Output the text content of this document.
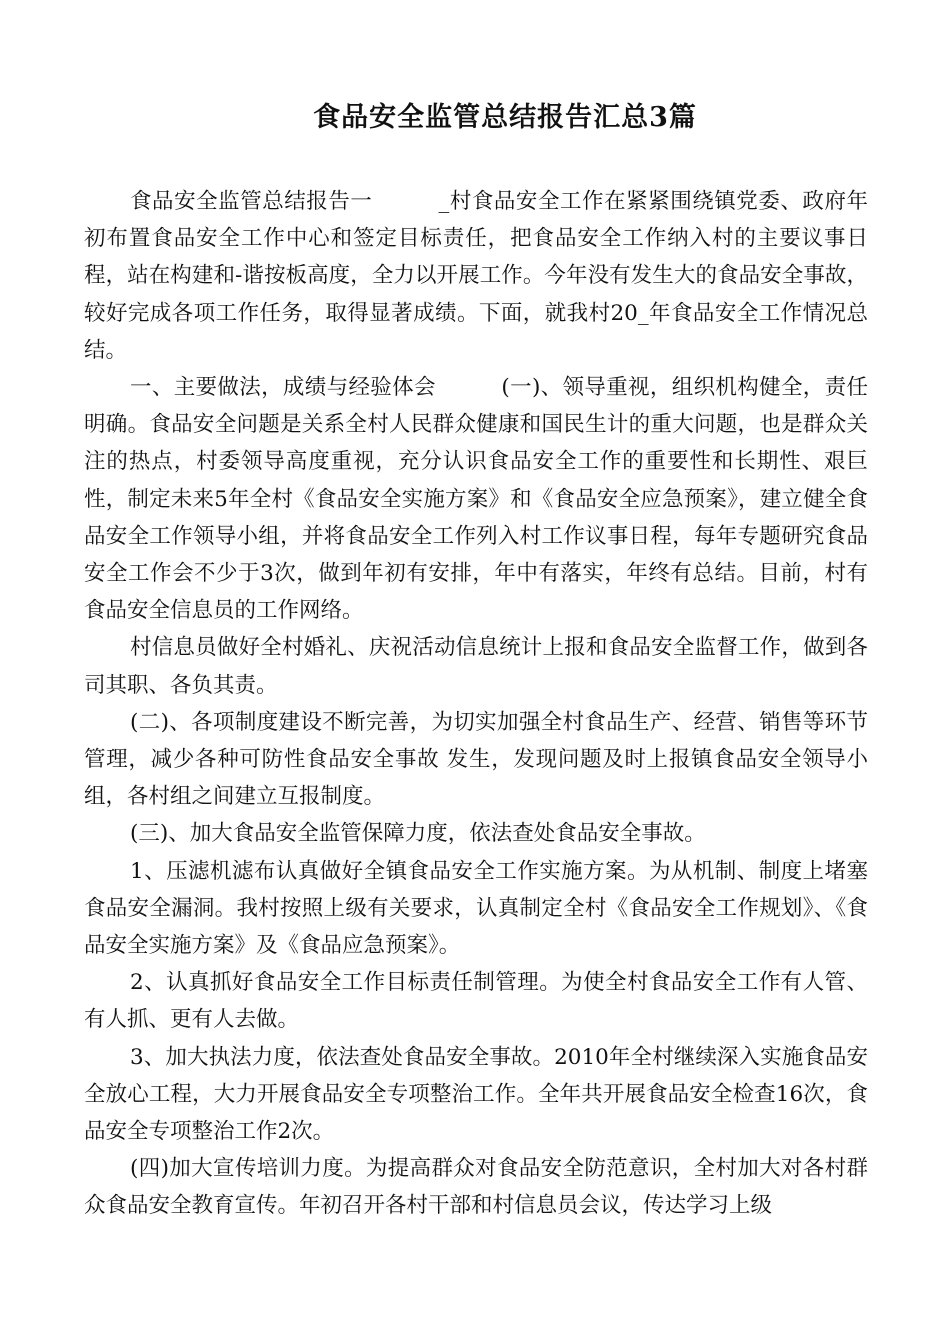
食品安全监管总结报告汇总3篇

食品安全监管总结报告一　　　_村食品安全工作在紧紧围绕镇党委、政府年初布置食品安全工作中心和签定目标责任，把食品安全工作纳入村的主要议事日程，站在构建和-谐按板高度，全力以开展工作。今年没有发生大的食品安全事故，较好完成各项工作任务，取得显著成绩。下面，就我村20_年食品安全工作情况总结。

一、主要做法，成绩与经验体会　　　(一)、领导重视，组织机构健全，责任明确。食品安全问题是关系全村人民群众健康和国民生计的重大问题，也是群众关注的热点，村委领导高度重视，充分认识食品安全工作的重要性和长期性、艰巨性，制定未来5年全村《食品安全实施方案》和《食品安全应急预案》，建立健全食品安全工作领导小组，并将食品安全工作列入村工作议事日程，每年专题研究食品安全工作会不少于3次，做到年初有安排，年中有落实，年终有总结。目前，村有食品安全信息员的工作网络。

村信息员做好全村婚礼、庆祝活动信息统计上报和食品安全监督工作，做到各司其职、各负其责。

(二)、各项制度建设不断完善，为切实加强全村食品生产、经营、销售等环节管理，减少各种可防性食品安全事故 发生，发现问题及时上报镇食品安全领导小组，各村组之间建立互报制度。

(三)、加大食品安全监管保障力度，依法查处食品安全事故。

1、压滤机滤布认真做好全镇食品安全工作实施方案。为从机制、制度上堵塞食品安全漏洞。我村按照上级有关要求，认真制定全村《食品安全工作规划》、《食品安全实施方案》及《食品应急预案》。

2、认真抓好食品安全工作目标责任制管理。为使全村食品安全工作有人管、有人抓、更有人去做。

3、加大执法力度，依法查处食品安全事故。2010年全村继续深入实施食品安全放心工程，大力开展食品安全专项整治工作。全年共开展食品安全检查16次，食品安全专项整治工作2次。

(四)加大宣传培训力度。为提高群众对食品安全防范意识，全村加大对各村群众食品安全教育宣传。年初召开各村干部和村信息员会议，传达学习上级
